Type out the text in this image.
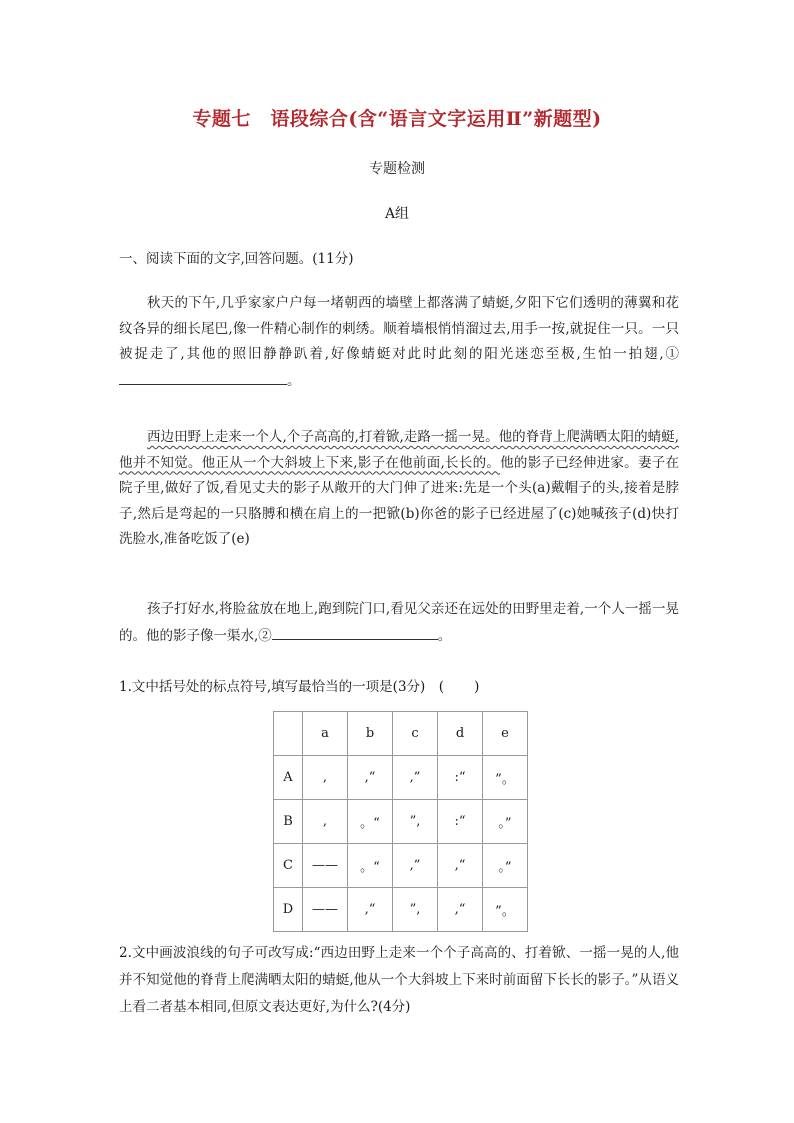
专题七　语段综合(含“语言文字运用Ⅱ”新题型)
专题检测
A组
一、阅读下面的文字,回答问题。(11分)
秋天的下午,几乎家家户户每一堵朝西的墙壁上都落满了蜻蜓,夕阳下它们透明的薄翼和花纹各异的细长尾巴,像一件精心制作的刺绣。顺着墙根悄悄溜过去,用手一按,就捉住一只。一只被捉走了,其他的照旧静静趴着,好像蜻蜓对此时此刻的阳光迷恋至极,生怕一拍翅,①。
西边田野上走来一个人,个子高高的,打着锨,走路一摇一晃。他的脊背上爬满晒太阳的蜻蜓,他并不知觉。他正从一个大斜坡上下来,影子在他前面,长长的。他的影子已经伸进家。妻子在院子里,做好了饭,看见丈夫的影子从敞开的大门伸了进来:先是一个头(a)戴帽子的头,接着是脖子,然后是弯起的一只胳膊和横在肩上的一把锨(b)你爸的影子已经进屋了(c)她喊孩子(d)快打洗脸水,准备吃饭了(e)
孩子打好水,将脸盆放在地上,跑到院门口,看见父亲还在远处的田野里走着,一个人一摇一晃的。他的影子像一渠水,②	。
1.文中括号处的标点符号,填写最恰当的一项是(3分)　 ( )
	a	b	c	d	e
A	,	,“	,”	:“	”。
B	,	。“	”,	:“	。”
C	——	。“	,”	,“	。”
D	——	,“	”,	,“	”。
2.文中画波浪线的句子可改写成:“西边田野上走来一个个子高高的、打着锨、一摇一晃的人,他并不知觉他的脊背上爬满晒太阳的蜻蜓,他从一个大斜坡上下来时前面留下长长的影子。”从语义上看二者基本相同,但原文表达更好,为什么?(4分)
